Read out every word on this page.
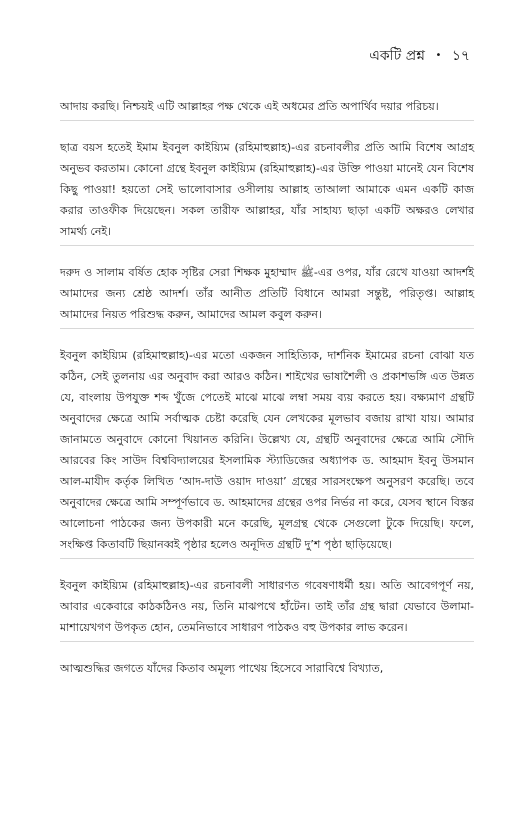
একটি প্রশ্ন • ১৭

আদায় করছি। নিশ্চয়ই এটি আল্লাহর পক্ষ থেকে এই অধমের প্রতি অপার্থিব দয়ার পরিচয়।

ছাত্র বয়স হতেই ইমাম ইবনুল কাইয়্যিম (রহিমাহুল্লাহ)-এর রচনাবলীর প্রতি আমি বিশেষ আগ্রহ অনুভব করতাম। কোনো গ্রন্থে ইবনুল কাইয়্যিম (রহিমাহুল্লাহ)-এর উক্তি পাওয়া মানেই যেন বিশেষ কিছু পাওয়া! হয়তো সেই ভালোবাসার ওসীলায় আল্লাহ তাআলা আমাকে এমন একটি কাজ করার তাওফীক দিয়েছেন। সকল তারীফ আল্লাহর, যাঁর সাহায্য ছাড়া একটি অক্ষরও লেখার সামর্থ্য নেই।

দরুদ ও সালাম বর্ষিত হোক সৃষ্টির সেরা শিক্ষক মুহাম্মাদ ﷺ-এর ওপর, যাঁর রেখে যাওয়া আদর্শই আমাদের জন্য শ্রেষ্ঠ আদর্শ। তাঁর আনীত প্রতিটি বিধানে আমরা সন্তুষ্ট, পরিতৃপ্ত। আল্লাহ আমাদের নিয়ত পরিশুদ্ধ করুন, আমাদের আমল কবুল করুন।

ইবনুল কাইয়্যিম (রহিমাহুল্লাহ)-এর মতো একজন সাহিত্যিক, দার্শনিক ইমামের রচনা বোঝা যত কঠিন, সেই তুলনায় এর অনুবাদ করা আরও কঠিন। শাইখের ভাষাশৈলী ও প্রকাশভঙ্গি এত উন্নত যে, বাংলায় উপযুক্ত শব্দ খুঁজে পেতেই মাঝে মাঝে লম্বা সময় ব্যয় করতে হয়। বক্ষ্যমাণ গ্রন্থটি অনুবাদের ক্ষেত্রে আমি সর্বাত্মক চেষ্টা করেছি যেন লেখকের মূলভাব বজায় রাখা যায়। আমার জানামতে অনুবাদে কোনো খিয়ানত করিনি। উল্লেখ্য যে, গ্রন্থটি অনুবাদের ক্ষেত্রে আমি সৌদি আরবের কিং সাউদ বিশ্ববিদ্যালয়ের ইসলামিক স্ট্যাডিজের অধ্যাপক ড. আহমাদ ইবনু উসমান আল-মাযীদ কর্তৃক লিখিত ‘আদ-দাউ ওয়াদ দাওয়া’ গ্রন্থের সারসংক্ষেপ অনুসরণ করেছি। তবে অনুবাদের ক্ষেত্রে আমি সম্পূর্ণভাবে ড. আহমাদের গ্রন্থের ওপর নির্ভর না করে, যেসব স্থানে বিস্তর আলোচনা পাঠকের জন্য উপকারী মনে করেছি, মূলগ্রন্থ থেকে সেগুলো টুকে দিয়েছি। ফলে, সংক্ষিপ্ত কিতাবটি ছিয়ানব্বই পৃষ্ঠার হলেও অনূদিত গ্রন্থটি দু’শ পৃষ্ঠা ছাড়িয়েছে।

ইবনুল কাইয়্যিম (রহিমাহুল্লাহ)-এর রচনাবলী সাধারণত গবেষণাধর্মী হয়। অতি আবেগপূর্ণ নয়, আবার একেবারে কাঠকঠিনও নয়, তিনি মাঝপথে হাঁটেন। তাই তাঁর গ্রন্থ দ্বারা যেভাবে উলামা-মাশায়েখগণ উপকৃত হোন, তেমনিভাবে সাধারণ পাঠকও বহু উপকার লাভ করেন।

আত্মশুদ্ধির জগতে যাঁদের কিতাব অমূল্য পাথেয় হিসেবে সারাবিশ্বে বিখ্যাত,
